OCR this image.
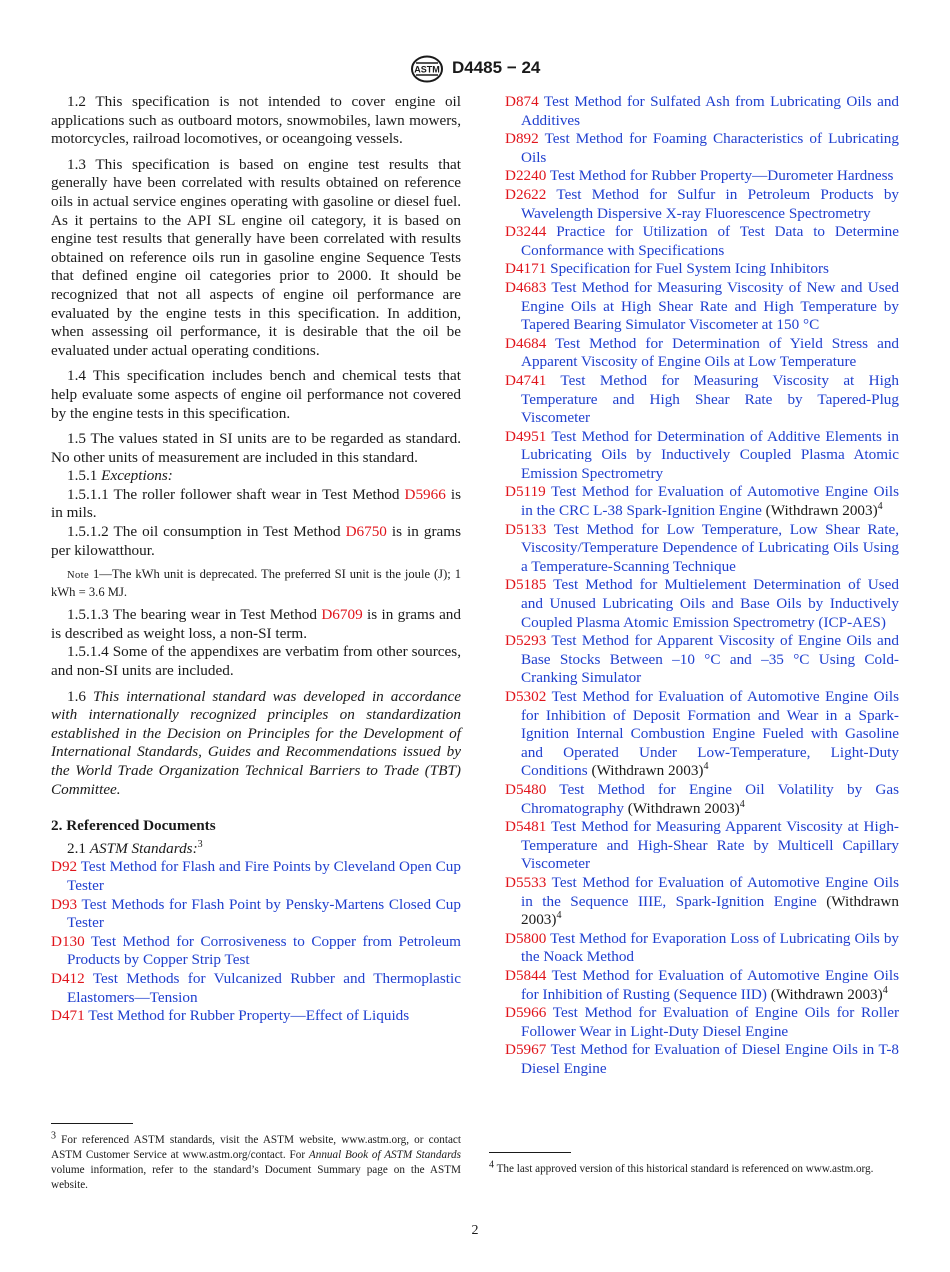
ASTM D4485 − 24

1.2 This specification is not intended to cover engine oil applications such as outboard motors, snowmobiles, lawn mowers, motorcycles, railroad locomotives, or oceangoing vessels.

1.3 This specification is based on engine test results that generally have been correlated with results obtained on reference oils in actual service engines operating with gasoline or diesel fuel. As it pertains to the API SL engine oil category, it is based on engine test results that generally have been correlated with results obtained on reference oils run in gasoline engine Sequence Tests that defined engine oil categories prior to 2000. It should be recognized that not all aspects of engine oil performance are evaluated by the engine tests in this specification. In addition, when assessing oil performance, it is desirable that the oil be evaluated under actual operating conditions.

1.4 This specification includes bench and chemical tests that help evaluate some aspects of engine oil performance not covered by the engine tests in this specification.

1.5 The values stated in SI units are to be regarded as standard. No other units of measurement are included in this standard.

1.5.1 Exceptions:

1.5.1.1 The roller follower shaft wear in Test Method D5966 is in mils.

1.5.1.2 The oil consumption in Test Method D6750 is in grams per kilowatthour.

Note 1—The kWh unit is deprecated. The preferred SI unit is the joule (J); 1 kWh = 3.6 MJ.

1.5.1.3 The bearing wear in Test Method D6709 is in grams and is described as weight loss, a non-SI term.

1.5.1.4 Some of the appendixes are verbatim from other sources, and non-SI units are included.

1.6 This international standard was developed in accordance with internationally recognized principles on standardization established in the Decision on Principles for the Development of International Standards, Guides and Recommendations issued by the World Trade Organization Technical Barriers to Trade (TBT) Committee.

2. Referenced Documents

2.1 ASTM Standards:$^3$

D92 Test Method for Flash and Fire Points by Cleveland Open Cup Tester

D93 Test Methods for Flash Point by Pensky-Martens Closed Cup Tester

D130 Test Method for Corrosiveness to Copper from Petroleum Products by Copper Strip Test

D412 Test Methods for Vulcanized Rubber and Thermoplastic Elastomers—Tension

D471 Test Method for Rubber Property—Effect of Liquids

$^3$ For referenced ASTM standards, visit the ASTM website, www.astm.org, or contact ASTM Customer Service at www.astm.org/contact. For Annual Book of ASTM Standards volume information, refer to the standard’s Document Summary page on the ASTM website.

D874 Test Method for Sulfated Ash from Lubricating Oils and Additives

D892 Test Method for Foaming Characteristics of Lubricating Oils

D2240 Test Method for Rubber Property—Durometer Hardness

D2622 Test Method for Sulfur in Petroleum Products by Wavelength Dispersive X-ray Fluorescence Spectrometry

D3244 Practice for Utilization of Test Data to Determine Conformance with Specifications

D4171 Specification for Fuel System Icing Inhibitors

D4683 Test Method for Measuring Viscosity of New and Used Engine Oils at High Shear Rate and High Temperature by Tapered Bearing Simulator Viscometer at 150 °C

D4684 Test Method for Determination of Yield Stress and Apparent Viscosity of Engine Oils at Low Temperature

D4741 Test Method for Measuring Viscosity at High Temperature and High Shear Rate by Tapered-Plug Viscometer

D4951 Test Method for Determination of Additive Elements in Lubricating Oils by Inductively Coupled Plasma Atomic Emission Spectrometry

D5119 Test Method for Evaluation of Automotive Engine Oils in the CRC L-38 Spark-Ignition Engine (Withdrawn 2003)$^4$

D5133 Test Method for Low Temperature, Low Shear Rate, Viscosity/Temperature Dependence of Lubricating Oils Using a Temperature-Scanning Technique

D5185 Test Method for Multielement Determination of Used and Unused Lubricating Oils and Base Oils by Inductively Coupled Plasma Atomic Emission Spectrometry (ICP-AES)

D5293 Test Method for Apparent Viscosity of Engine Oils and Base Stocks Between –10 °C and –35 °C Using Cold-Cranking Simulator

D5302 Test Method for Evaluation of Automotive Engine Oils for Inhibition of Deposit Formation and Wear in a Spark-Ignition Internal Combustion Engine Fueled with Gasoline and Operated Under Low-Temperature, Light-Duty Conditions (Withdrawn 2003)$^4$

D5480 Test Method for Engine Oil Volatility by Gas Chromatography (Withdrawn 2003)$^4$

D5481 Test Method for Measuring Apparent Viscosity at High-Temperature and High-Shear Rate by Multicell Capillary Viscometer

D5533 Test Method for Evaluation of Automotive Engine Oils in the Sequence IIIE, Spark-Ignition Engine (Withdrawn 2003)$^4$

D5800 Test Method for Evaporation Loss of Lubricating Oils by the Noack Method

D5844 Test Method for Evaluation of Automotive Engine Oils for Inhibition of Rusting (Sequence IID) (Withdrawn 2003)$^4$

D5966 Test Method for Evaluation of Engine Oils for Roller Follower Wear in Light-Duty Diesel Engine

D5967 Test Method for Evaluation of Diesel Engine Oils in T-8 Diesel Engine

$^4$ The last approved version of this historical standard is referenced on www.astm.org.
2
